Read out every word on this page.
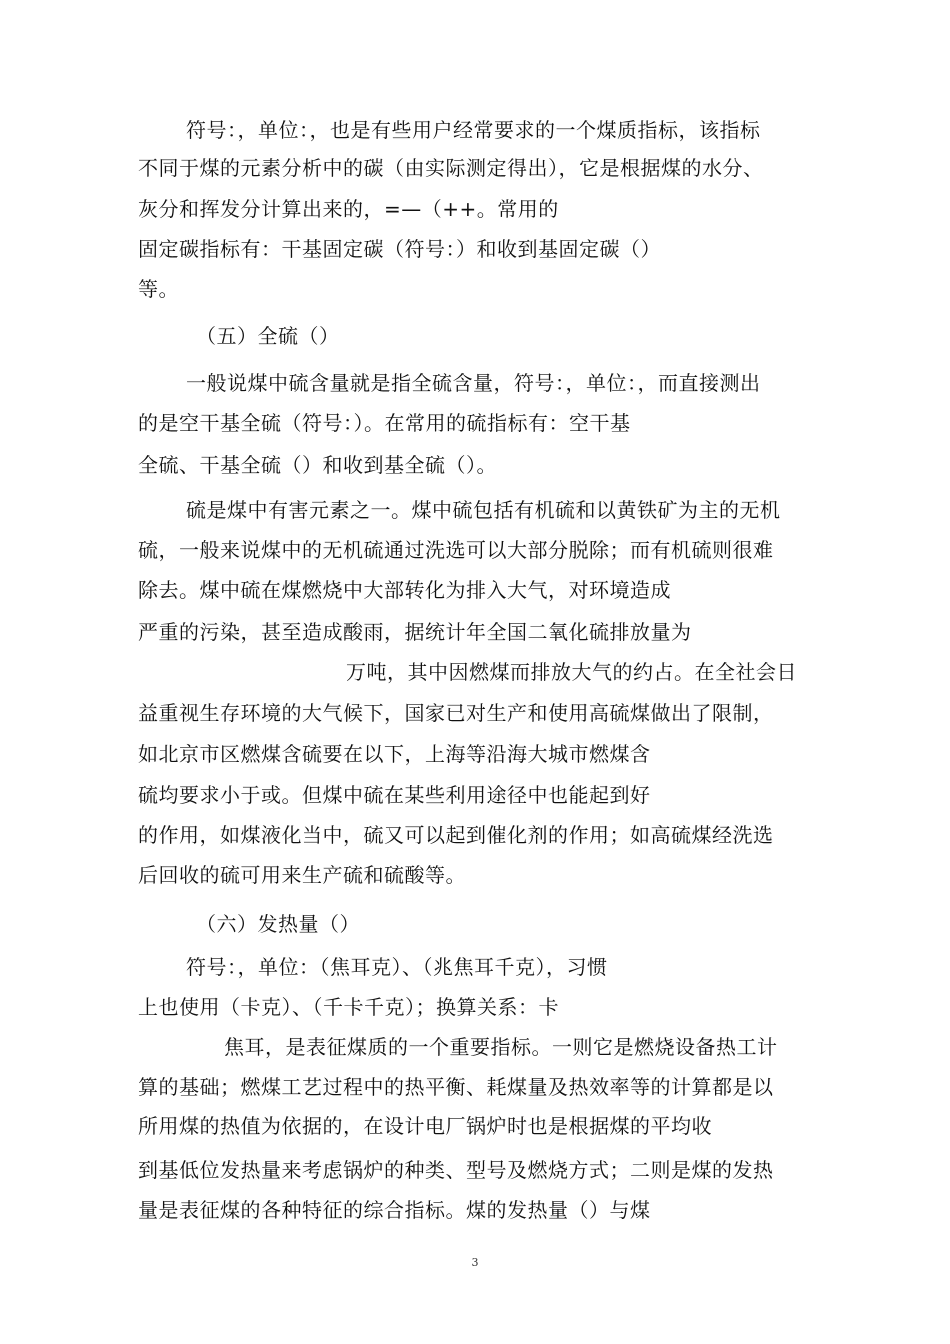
符号：，单位：，也是有些用户经常要求的一个煤质指标，该指标
不同于煤的元素分析中的碳（由实际测定得出），它是根据煤的水分、
灰分和挥发分计算出来的，=—（++。常用的
固定碳指标有：干基固定碳（符号：）和收到基固定碳（）
等。
（五）全硫（）
一般说煤中硫含量就是指全硫含量，符号：，单位：，而直接测出
的是空干基全硫（符号：）。在常用的硫指标有：空干基
全硫、干基全硫（）和收到基全硫（）。
硫是煤中有害元素之一。煤中硫包括有机硫和以黄铁矿为主的无机
硫，一般来说煤中的无机硫通过洗选可以大部分脱除；而有机硫则很难
除去。煤中硫在煤燃烧中大部转化为排入大气，对环境造成
严重的污染，甚至造成酸雨，据统计年全国二氧化硫排放量为
万吨，其中因燃煤而排放大气的约占。在全社会日
益重视生存环境的大气候下，国家已对生产和使用高硫煤做出了限制，
如北京市区燃煤含硫要在以下，上海等沿海大城市燃煤含
硫均要求小于或。但煤中硫在某些利用途径中也能起到好
的作用，如煤液化当中，硫又可以起到催化剂的作用；如高硫煤经洗选
后回收的硫可用来生产硫和硫酸等。
（六）发热量（）
符号：，单位：（焦耳克）、（兆焦耳千克），习惯
上也使用（卡克）、（千卡千克）；换算关系：卡
焦耳，是表征煤质的一个重要指标。一则它是燃烧设备热工计
算的基础；燃煤工艺过程中的热平衡、耗煤量及热效率等的计算都是以
所用煤的热值为依据的，在设计电厂锅炉时也是根据煤的平均收
到基低位发热量来考虑锅炉的种类、型号及燃烧方式；二则是煤的发热
量是表征煤的各种特征的综合指标。煤的发热量（）与煤
3
